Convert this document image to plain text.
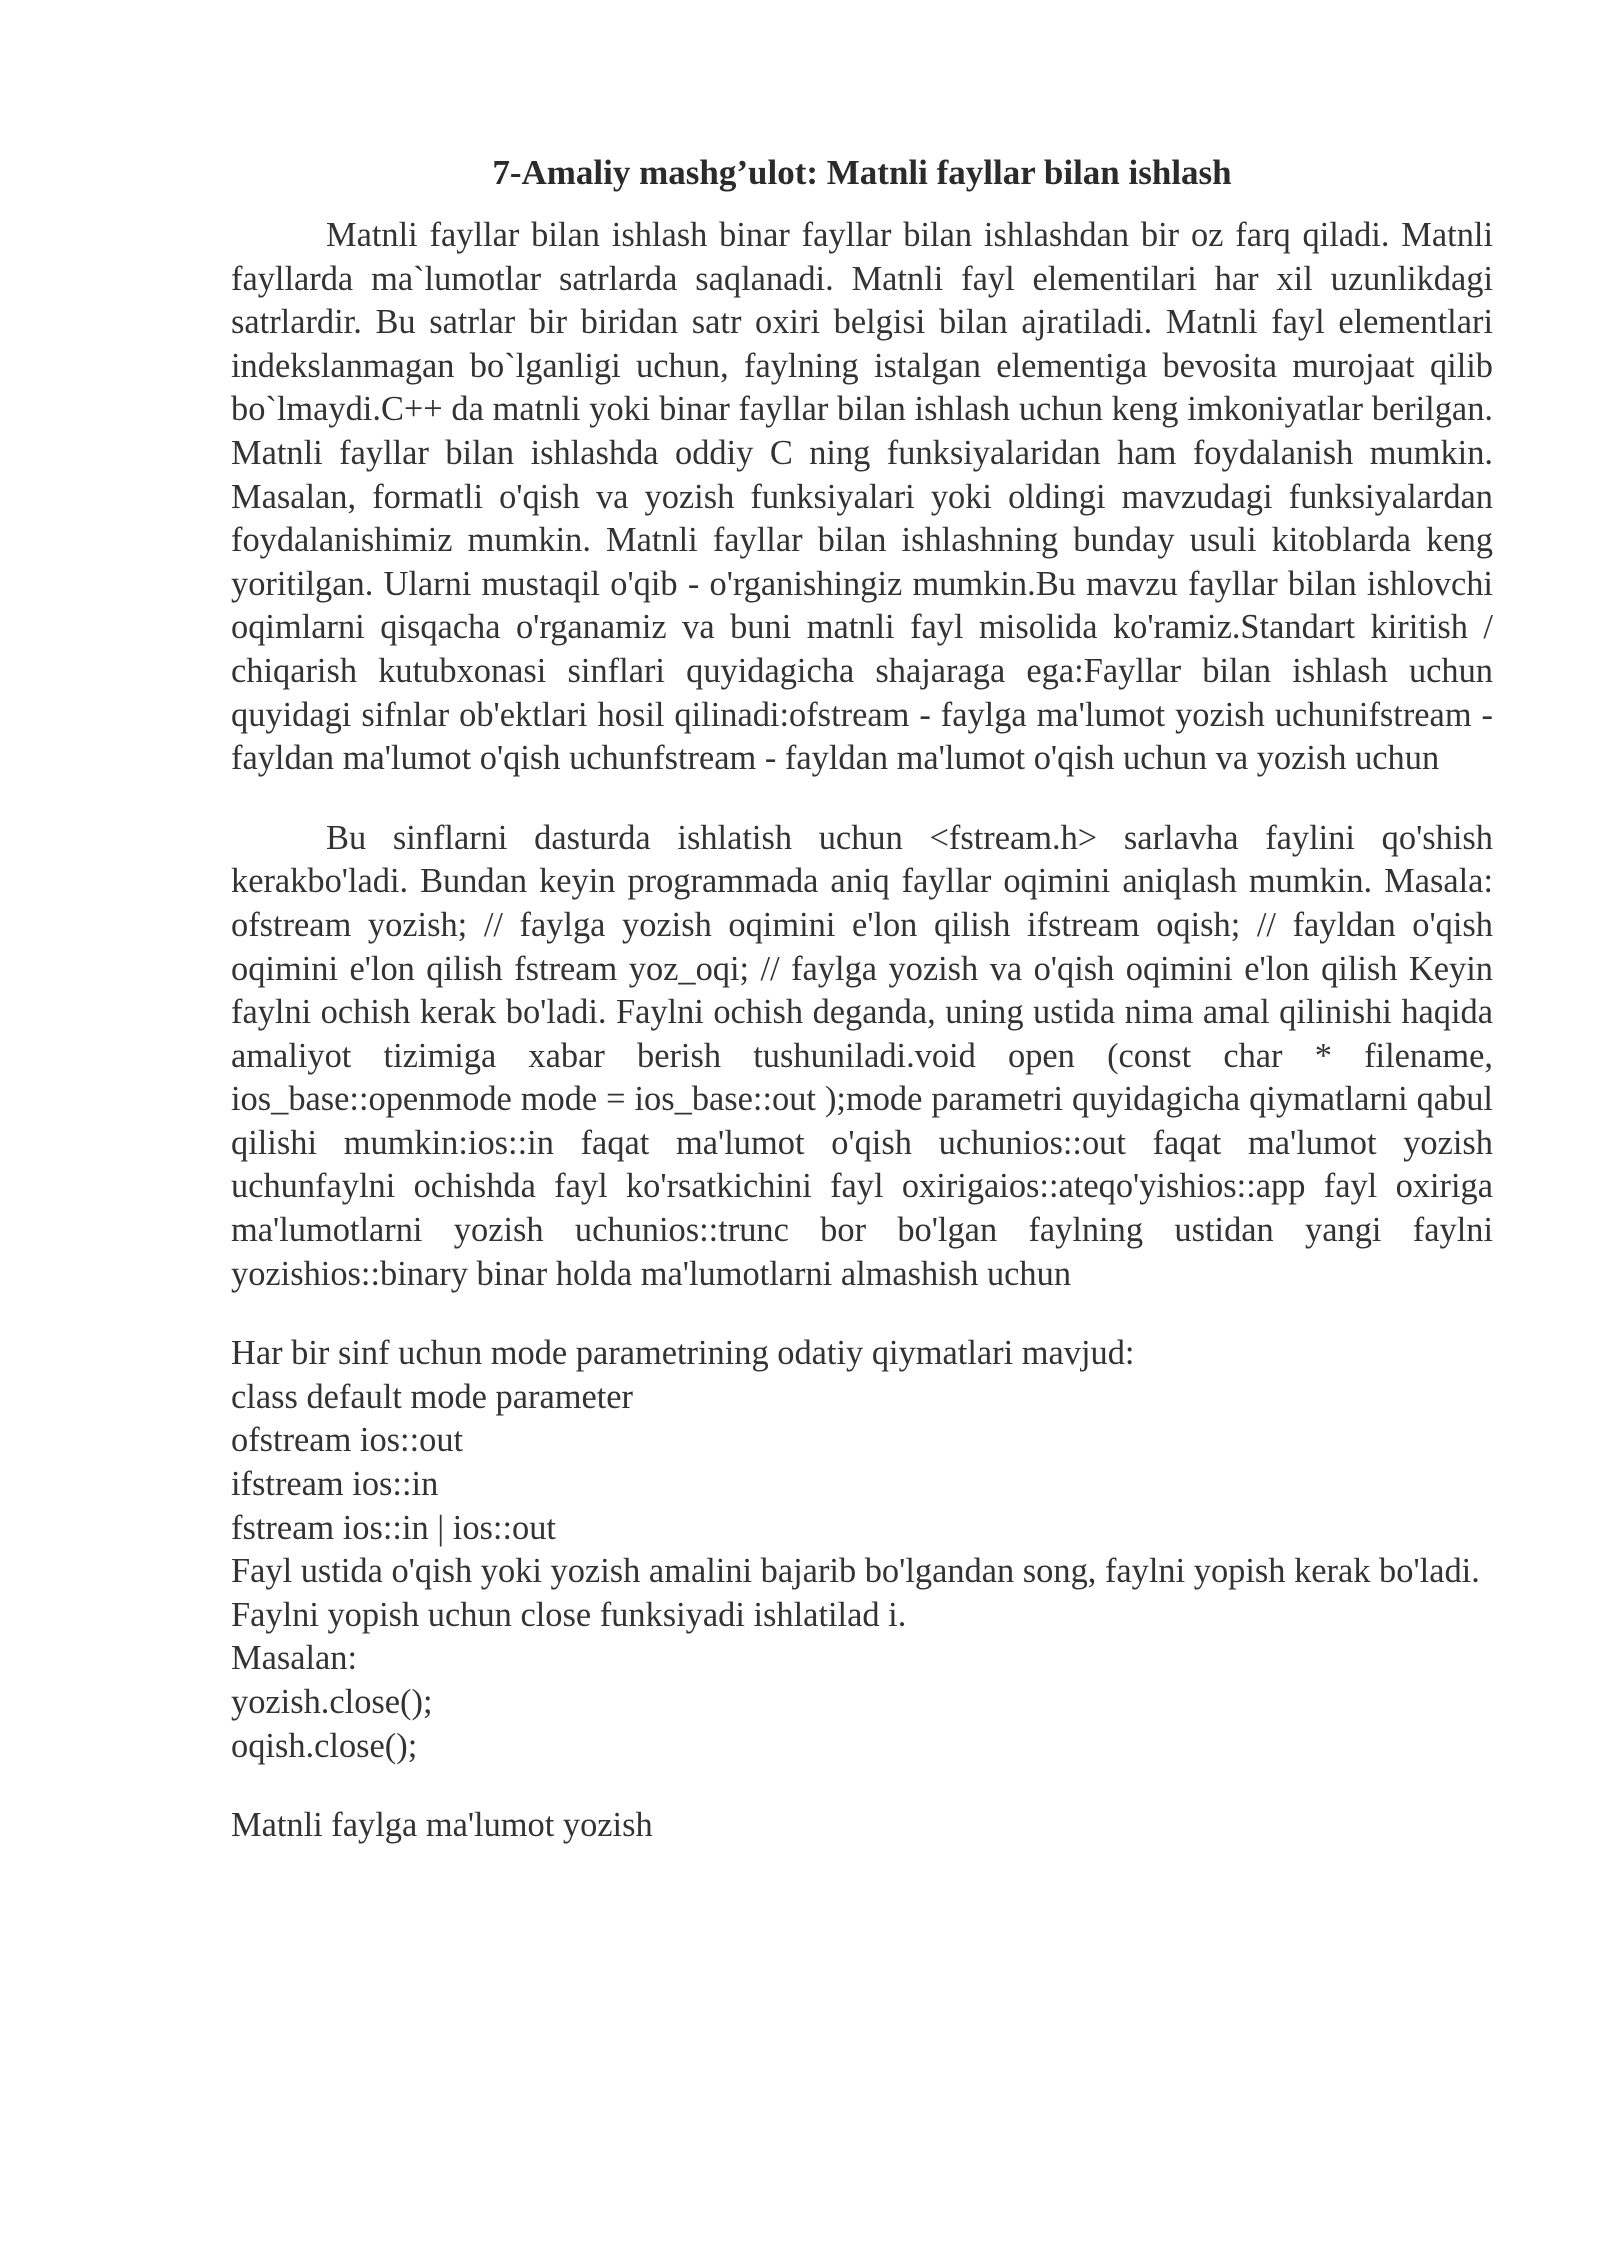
7-Amaliy mashg’ulot: Matnli fayllar bilan ishlash

Matnli fayllar bilan ishlash binar fayllar bilan ishlashdan bir oz farq qiladi. Matnli fayllarda ma`lumotlar satrlarda saqlanadi. Matnli fayl elementilari har xil uzunlikdagi satrlardir. Bu satrlar bir biridan satr oxiri belgisi bilan ajratiladi. Matnli fayl elementlari indekslanmagan bo`lganligi uchun, faylning istalgan elementiga bevosita murojaat qilib bo`lmaydi.C++ da matnli yoki binar fayllar bilan ishlash uchun keng imkoniyatlar berilgan. Matnli fayllar bilan ishlashda oddiy C ning funksiyalaridan ham foydalanish mumkin. Masalan, formatli o'qish va yozish funksiyalari yoki oldingi mavzudagi funksiyalardan foydalanishimiz mumkin. Matnli fayllar bilan ishlashning bunday usuli kitoblarda keng yoritilgan. Ularni mustaqil o'qib - o'rganishingiz mumkin.Bu mavzu fayllar bilan ishlovchi oqimlarni qisqacha o'rganamiz va buni matnli fayl misolida ko'ramiz.Standart kiritish / chiqarish kutubxonasi sinflari quyidagicha shajaraga ega:Fayllar bilan ishlash uchun quyidagi sifnlar ob'ektlari hosil qilinadi:ofstream - faylga ma'lumot yozish uchunifstream - fayldan ma'lumot o'qish uchunfstream - fayldan ma'lumot o'qish uchun va yozish uchun

Bu sinflarni dasturda ishlatish uchun <fstream.h> sarlavha faylini qo'shish kerakbo'ladi. Bundan keyin programmada aniq fayllar oqimini aniqlash mumkin. Masala: ofstream yozish; // faylga yozish oqimini e'lon qilish ifstream oqish; // fayldan o'qish oqimini e'lon qilish fstream yoz_oqi; // faylga yozish va o'qish oqimini e'lon qilish Keyin faylni ochish kerak bo'ladi. Faylni ochish deganda, uning ustida nima amal qilinishi haqida amaliyot tizimiga xabar berish tushuniladi.void open (const char * filename, ios_base::openmode mode = ios_base::out );mode parametri quyidagicha qiymatlarni qabul qilishi mumkin:ios::in faqat ma'lumot o'qish uchunios::out faqat ma'lumot yozish uchunfaylni ochishda fayl ko'rsatkichini fayl oxirigaios::ateqo'yishios::app fayl oxiriga ma'lumotlarni yozish uchunios::trunc bor bo'lgan faylning ustidan yangi faylni yozishios::binary binar holda ma'lumotlarni almashish uchun

Har bir sinf uchun mode parametrining odatiy qiymatlari mavjud:

class default mode parameter

ofstream ios::out

ifstream ios::in

fstream ios::in | ios::out

Fayl ustida o'qish yoki yozish amalini bajarib bo'lgandan song, faylni yopish kerak bo'ladi. Faylni yopish uchun close funksiyadi ishlatilad i.

Masalan:

yozish.close();

oqish.close();

Matnli faylga ma'lumot yozish
